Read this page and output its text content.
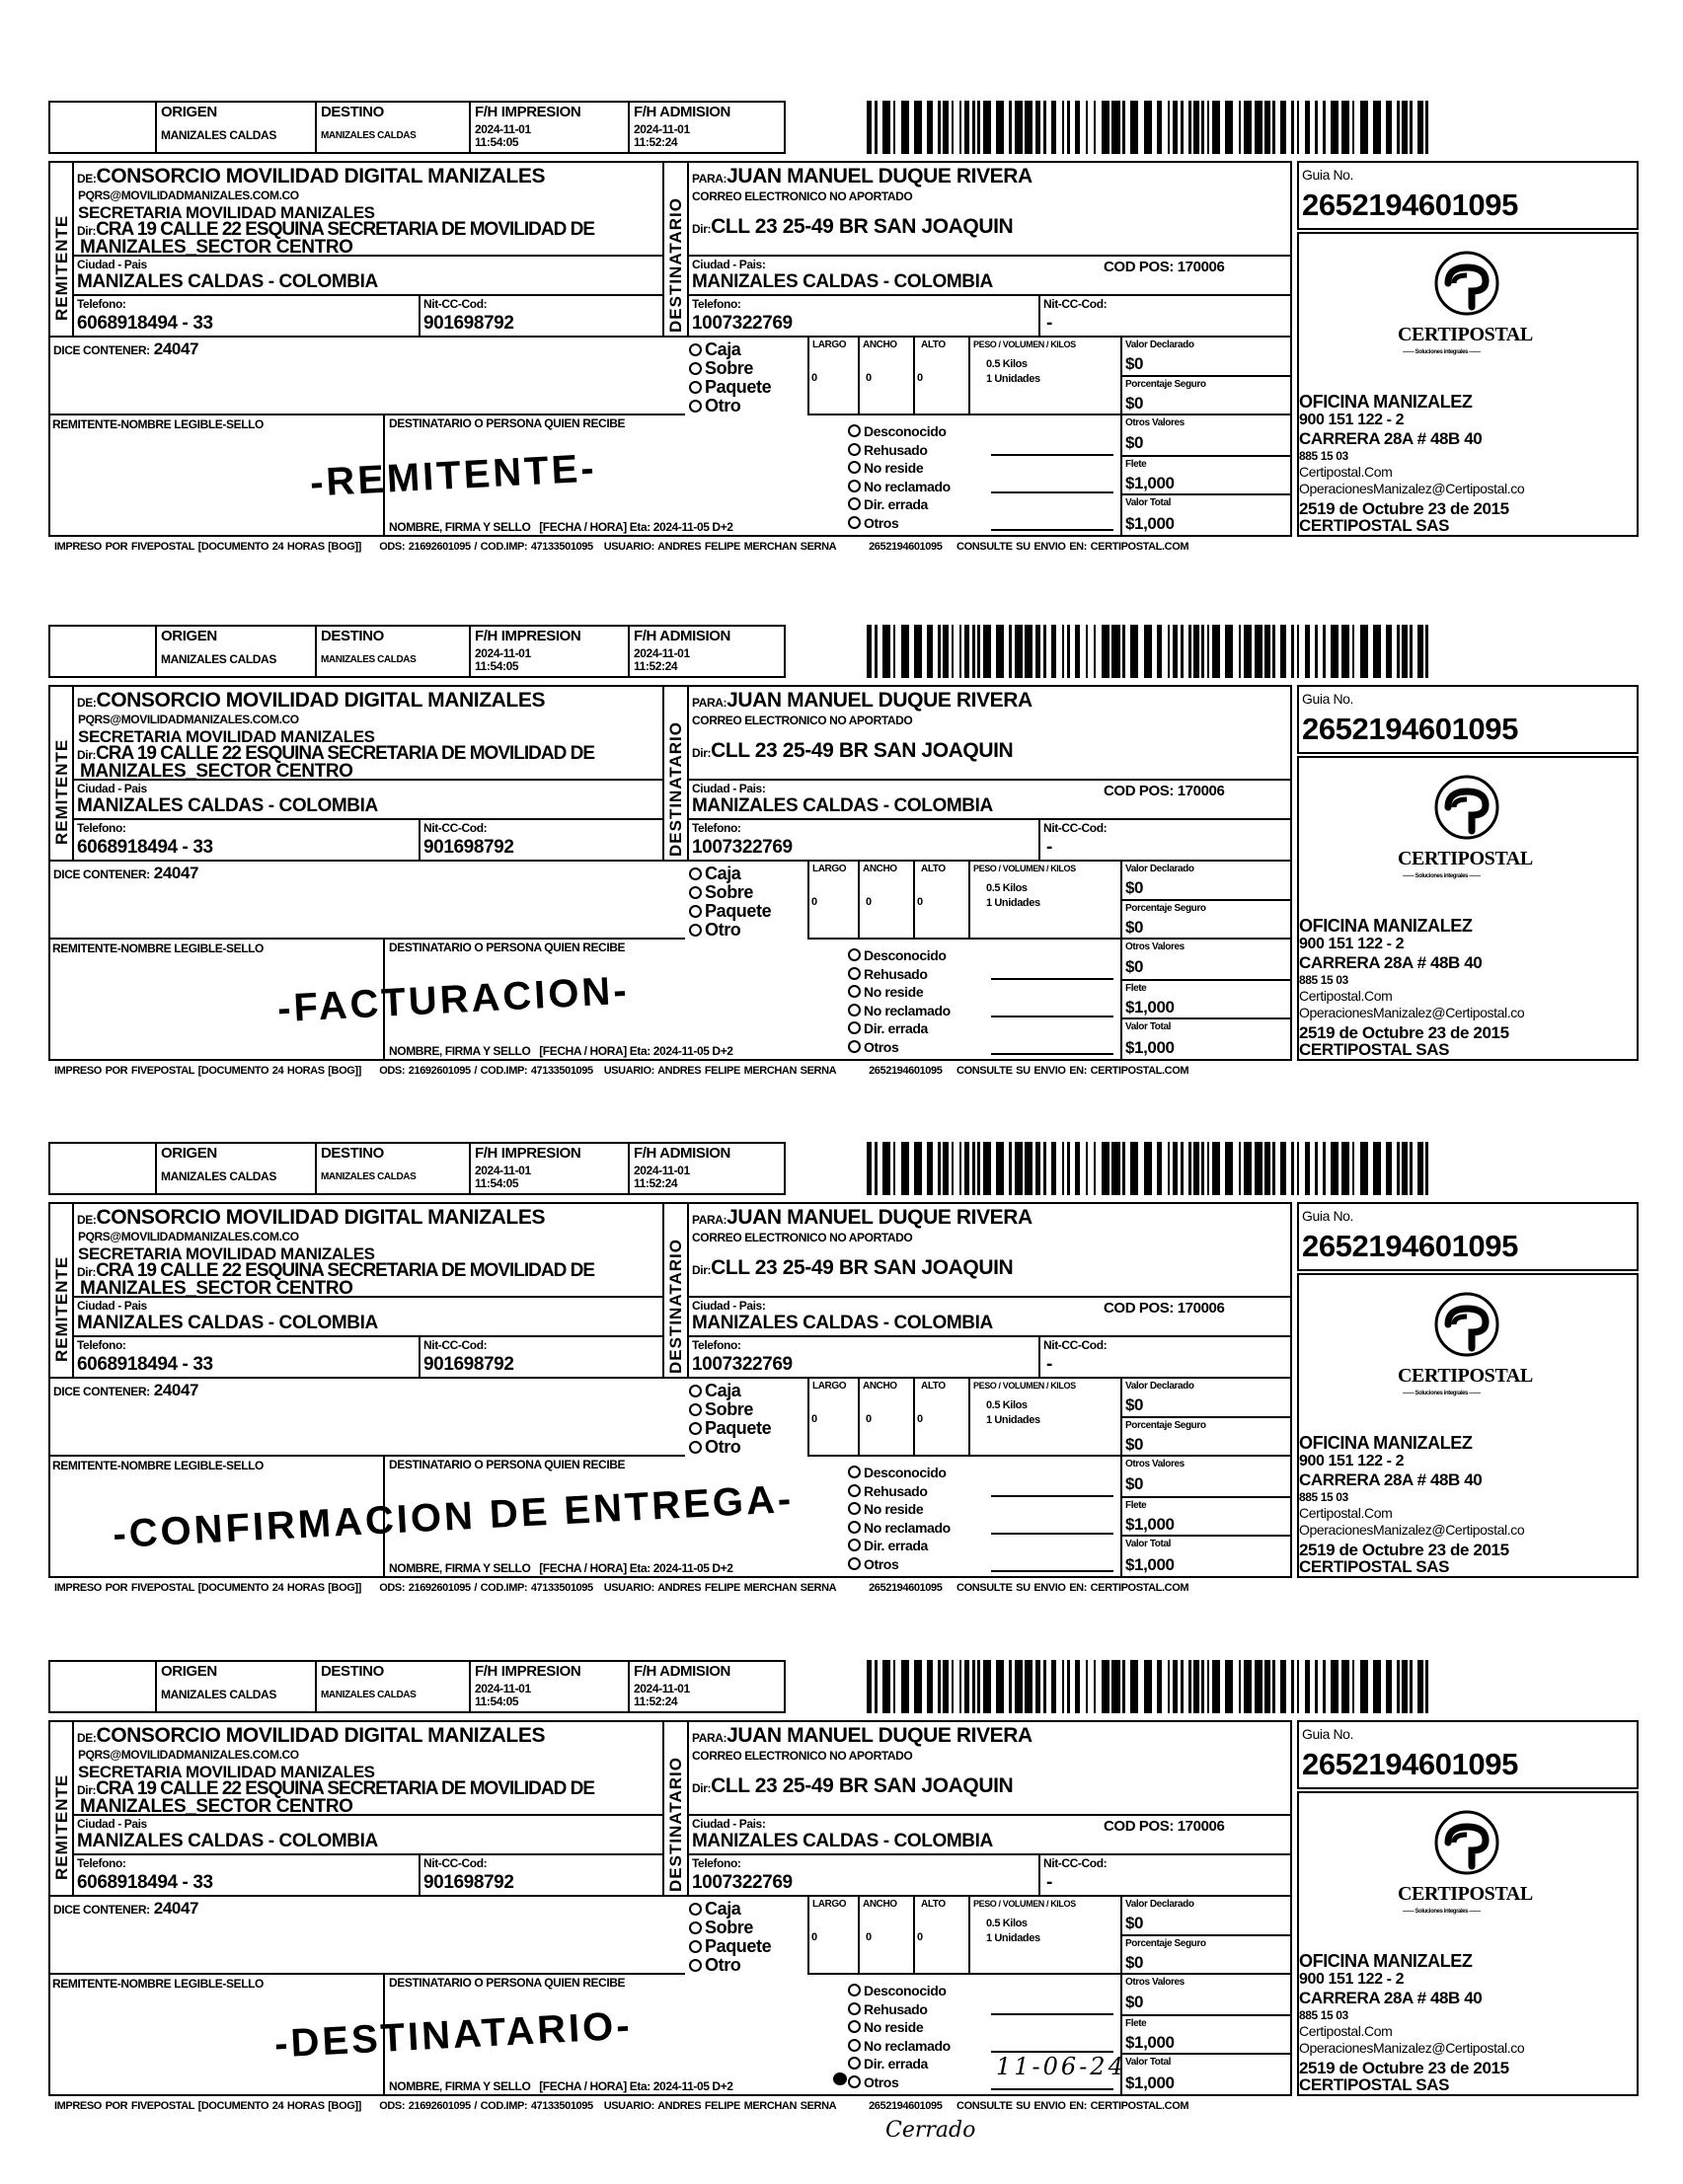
ORIGEN
MANIZALES CALDAS
DESTINO
MANIZALES CALDAS
F/H IMPRESION
2024-11-01
11:54:05
F/H ADMISION
2024-11-01
11:52:24
REMITENTE
DE:CONSORCIO MOVILIDAD DIGITAL MANIZALES
PQRS@MOVILIDADMANIZALES.COM.CO
SECRETARIA MOVILIDAD MANIZALES
Dir:CRA 19 CALLE 22 ESQUINA SECRETARIA DE MOVILIDAD DE
MANIZALES_SECTOR CENTRO
Ciudad - Pais
MANIZALES CALDAS - COLOMBIA
Telefono:
6068918494 - 33
Nit-CC-Cod:
901698792	DESTINATARIO
PARA:JUAN MANUEL DUQUE RIVERA
CORREO ELECTRONICO NO APORTADO
Dir:CLL 23 25-49 BR SAN JOAQUIN
Ciudad - Pais:
MANIZALES CALDAS - COLOMBIA
COD POS: 170006
Telefono:
1007322769
Nit-CC-Cod:
-
DICE CONTENER: 24047	Caja
Sobre
Paquete
Otro
LARGO
0
ANCHO
0
ALTO
0
PESO / VOLUMEN / KILOS
0.5 Kilos
1 Unidades
Valor Declarado
$0
Porcentaje Seguro
$0
Otros Valores
$0
Flete
$1,000
Valor Total
$1,000
REMITENTE-NOMBRE LEGIBLE-SELLO	DESTINATARIO O PERSONA QUIEN RECIBE
NOMBRE, FIRMA Y SELLO [FECHA / HORA] Eta: 2024-11-05 D+2
Desconocido
Rehusado
No reside
No reclamado
Dir. errada
Otros
Guia No.
2652194601095
CERTIPOSTAL
—— Soluciones integrales ——
OFICINA MANIZALEZ
900 151 122 - 2
CARRERA 28A # 48B 40
885 15 03
Certipostal.Com
OperacionesManizalez@Certipostal.co
2519 de Octubre 23 de 2015
CERTIPOSTAL SAS
IMPRESO POR FIVEPOSTAL [DOCUMENTO 24 HORAS [BOG]] ODS: 21692601095 / COD.IMP: 47133501095 USUARIO: ANDRES FELIPE MERCHAN SERNA	2652194601095 CONSULTE SU ENVIO EN: CERTIPOSTAL.COM
-REMITENTE-
ORIGEN
MANIZALES CALDAS
DESTINO
MANIZALES CALDAS
F/H IMPRESION
2024-11-01
11:54:05
F/H ADMISION
2024-11-01
11:52:24
REMITENTE
DE:CONSORCIO MOVILIDAD DIGITAL MANIZALES
PQRS@MOVILIDADMANIZALES.COM.CO
SECRETARIA MOVILIDAD MANIZALES
Dir:CRA 19 CALLE 22 ESQUINA SECRETARIA DE MOVILIDAD DE
MANIZALES_SECTOR CENTRO
Ciudad - Pais
MANIZALES CALDAS - COLOMBIA
Telefono:
6068918494 - 33
Nit-CC-Cod:
901698792	DESTINATARIO
PARA:JUAN MANUEL DUQUE RIVERA
CORREO ELECTRONICO NO APORTADO
Dir:CLL 23 25-49 BR SAN JOAQUIN
Ciudad - Pais:
MANIZALES CALDAS - COLOMBIA
COD POS: 170006
Telefono:
1007322769
Nit-CC-Cod:
-
DICE CONTENER: 24047	Caja
Sobre
Paquete
Otro
LARGO
0
ANCHO
0
ALTO
0
PESO / VOLUMEN / KILOS
0.5 Kilos
1 Unidades
Valor Declarado
$0
Porcentaje Seguro
$0
Otros Valores
$0
Flete
$1,000
Valor Total
$1,000
REMITENTE-NOMBRE LEGIBLE-SELLO	DESTINATARIO O PERSONA QUIEN RECIBE
NOMBRE, FIRMA Y SELLO [FECHA / HORA] Eta: 2024-11-05 D+2
Desconocido
Rehusado
No reside
No reclamado
Dir. errada
Otros
Guia No.
2652194601095
CERTIPOSTAL
—— Soluciones integrales ——
OFICINA MANIZALEZ
900 151 122 - 2
CARRERA 28A # 48B 40
885 15 03
Certipostal.Com
OperacionesManizalez@Certipostal.co
2519 de Octubre 23 de 2015
CERTIPOSTAL SAS
IMPRESO POR FIVEPOSTAL [DOCUMENTO 24 HORAS [BOG]] ODS: 21692601095 / COD.IMP: 47133501095 USUARIO: ANDRES FELIPE MERCHAN SERNA	2652194601095 CONSULTE SU ENVIO EN: CERTIPOSTAL.COM
-FACTURACION-
ORIGEN
MANIZALES CALDAS
DESTINO
MANIZALES CALDAS
F/H IMPRESION
2024-11-01
11:54:05
F/H ADMISION
2024-11-01
11:52:24
REMITENTE
DE:CONSORCIO MOVILIDAD DIGITAL MANIZALES
PQRS@MOVILIDADMANIZALES.COM.CO
SECRETARIA MOVILIDAD MANIZALES
Dir:CRA 19 CALLE 22 ESQUINA SECRETARIA DE MOVILIDAD DE
MANIZALES_SECTOR CENTRO
Ciudad - Pais
MANIZALES CALDAS - COLOMBIA
Telefono:
6068918494 - 33
Nit-CC-Cod:
901698792	DESTINATARIO
PARA:JUAN MANUEL DUQUE RIVERA
CORREO ELECTRONICO NO APORTADO
Dir:CLL 23 25-49 BR SAN JOAQUIN
Ciudad - Pais:
MANIZALES CALDAS - COLOMBIA
COD POS: 170006
Telefono:
1007322769
Nit-CC-Cod:
-
DICE CONTENER: 24047	Caja
Sobre
Paquete
Otro
LARGO
0
ANCHO
0
ALTO
0
PESO / VOLUMEN / KILOS
0.5 Kilos
1 Unidades
Valor Declarado
$0
Porcentaje Seguro
$0
Otros Valores
$0
Flete
$1,000
Valor Total
$1,000
REMITENTE-NOMBRE LEGIBLE-SELLO	DESTINATARIO O PERSONA QUIEN RECIBE
NOMBRE, FIRMA Y SELLO [FECHA / HORA] Eta: 2024-11-05 D+2
Desconocido
Rehusado
No reside
No reclamado
Dir. errada
Otros
Guia No.
2652194601095
CERTIPOSTAL
—— Soluciones integrales ——
OFICINA MANIZALEZ
900 151 122 - 2
CARRERA 28A # 48B 40
885 15 03
Certipostal.Com
OperacionesManizalez@Certipostal.co
2519 de Octubre 23 de 2015
CERTIPOSTAL SAS
IMPRESO POR FIVEPOSTAL [DOCUMENTO 24 HORAS [BOG]] ODS: 21692601095 / COD.IMP: 47133501095 USUARIO: ANDRES FELIPE MERCHAN SERNA	2652194601095 CONSULTE SU ENVIO EN: CERTIPOSTAL.COM
-CONFIRMACION DE ENTREGA-
ORIGEN
MANIZALES CALDAS
DESTINO
MANIZALES CALDAS
F/H IMPRESION
2024-11-01
11:54:05
F/H ADMISION
2024-11-01
11:52:24
REMITENTE
DE:CONSORCIO MOVILIDAD DIGITAL MANIZALES
PQRS@MOVILIDADMANIZALES.COM.CO
SECRETARIA MOVILIDAD MANIZALES
Dir:CRA 19 CALLE 22 ESQUINA SECRETARIA DE MOVILIDAD DE
MANIZALES_SECTOR CENTRO
Ciudad - Pais
MANIZALES CALDAS - COLOMBIA
Telefono:
6068918494 - 33
Nit-CC-Cod:
901698792	DESTINATARIO
PARA:JUAN MANUEL DUQUE RIVERA
CORREO ELECTRONICO NO APORTADO
Dir:CLL 23 25-49 BR SAN JOAQUIN
Ciudad - Pais:
MANIZALES CALDAS - COLOMBIA
COD POS: 170006
Telefono:
1007322769
Nit-CC-Cod:
-
DICE CONTENER: 24047	Caja
Sobre
Paquete
Otro
LARGO
0
ANCHO
0
ALTO
0
PESO / VOLUMEN / KILOS
0.5 Kilos
1 Unidades
Valor Declarado
$0
Porcentaje Seguro
$0
Otros Valores
$0
Flete
$1,000
Valor Total
$1,000
REMITENTE-NOMBRE LEGIBLE-SELLO	DESTINATARIO O PERSONA QUIEN RECIBE
NOMBRE, FIRMA Y SELLO [FECHA / HORA] Eta: 2024-11-05 D+2
Desconocido
Rehusado
No reside
No reclamado
Dir. errada
Otros
Guia No.
2652194601095
CERTIPOSTAL
—— Soluciones integrales ——
OFICINA MANIZALEZ
900 151 122 - 2
CARRERA 28A # 48B 40
885 15 03
Certipostal.Com
OperacionesManizalez@Certipostal.co
2519 de Octubre 23 de 2015
CERTIPOSTAL SAS
IMPRESO POR FIVEPOSTAL [DOCUMENTO 24 HORAS [BOG]] ODS: 21692601095 / COD.IMP: 47133501095 USUARIO: ANDRES FELIPE MERCHAN SERNA	2652194601095 CONSULTE SU ENVIO EN: CERTIPOSTAL.COM
-DESTINATARIO-
11-06-24
Cerrado
